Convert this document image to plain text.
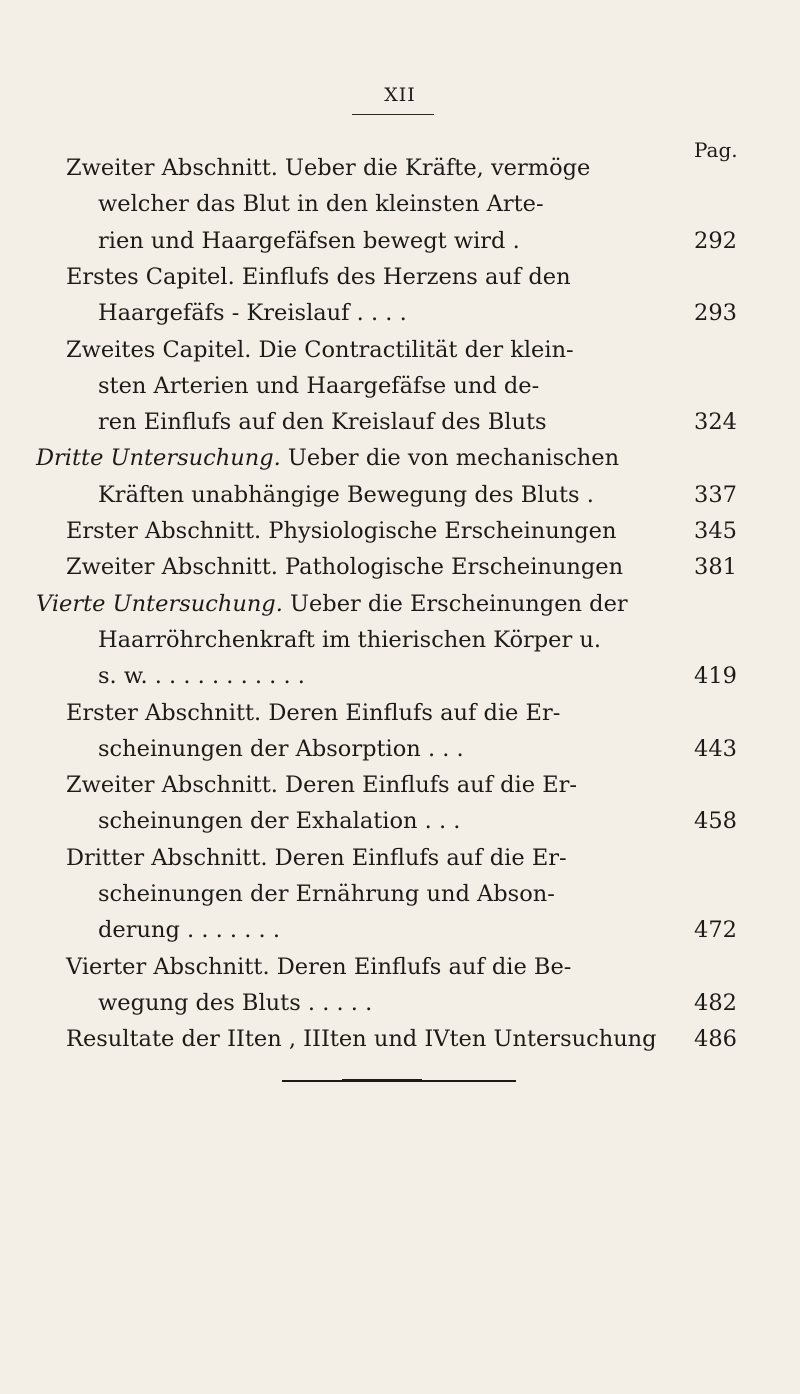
XII
Pag.
Zweiter Abschnitt. Ueber die Kräfte, vermöge
welcher das Blut in den kleinsten Arte-
rien und Haargefäfsen bewegt wird .	292
Erstes Capitel. Einflufs des Herzens auf den
Haargefäfs - Kreislauf . . . .	293
Zweites Capitel. Die Contractilität der klein-
sten Arterien und Haargefäfse und de-
ren Einflufs auf den Kreislauf des Bluts	324
Dritte Untersuchung. Ueber die von mechanischen
Kräften unabhängige Bewegung des Bluts .	337
Erster Abschnitt. Physiologische Erscheinungen	345
Zweiter Abschnitt. Pathologische Erscheinungen	381
Vierte Untersuchung. Ueber die Erscheinungen der
Haarröhrchenkraft im thierischen Körper u.
s. w. . . . . . . . . . . .	419
Erster Abschnitt. Deren Einflufs auf die Er-
scheinungen der Absorption . . .	443
Zweiter Abschnitt. Deren Einflufs auf die Er-
scheinungen der Exhalation . . .	458
Dritter Abschnitt. Deren Einflufs auf die Er-
scheinungen der Ernährung und Abson-
derung . . . . . . .	472
Vierter Abschnitt. Deren Einflufs auf die Be-
wegung des Bluts . . . . .	482
Resultate der IIten , IIIten und IVten Untersuchung 486
